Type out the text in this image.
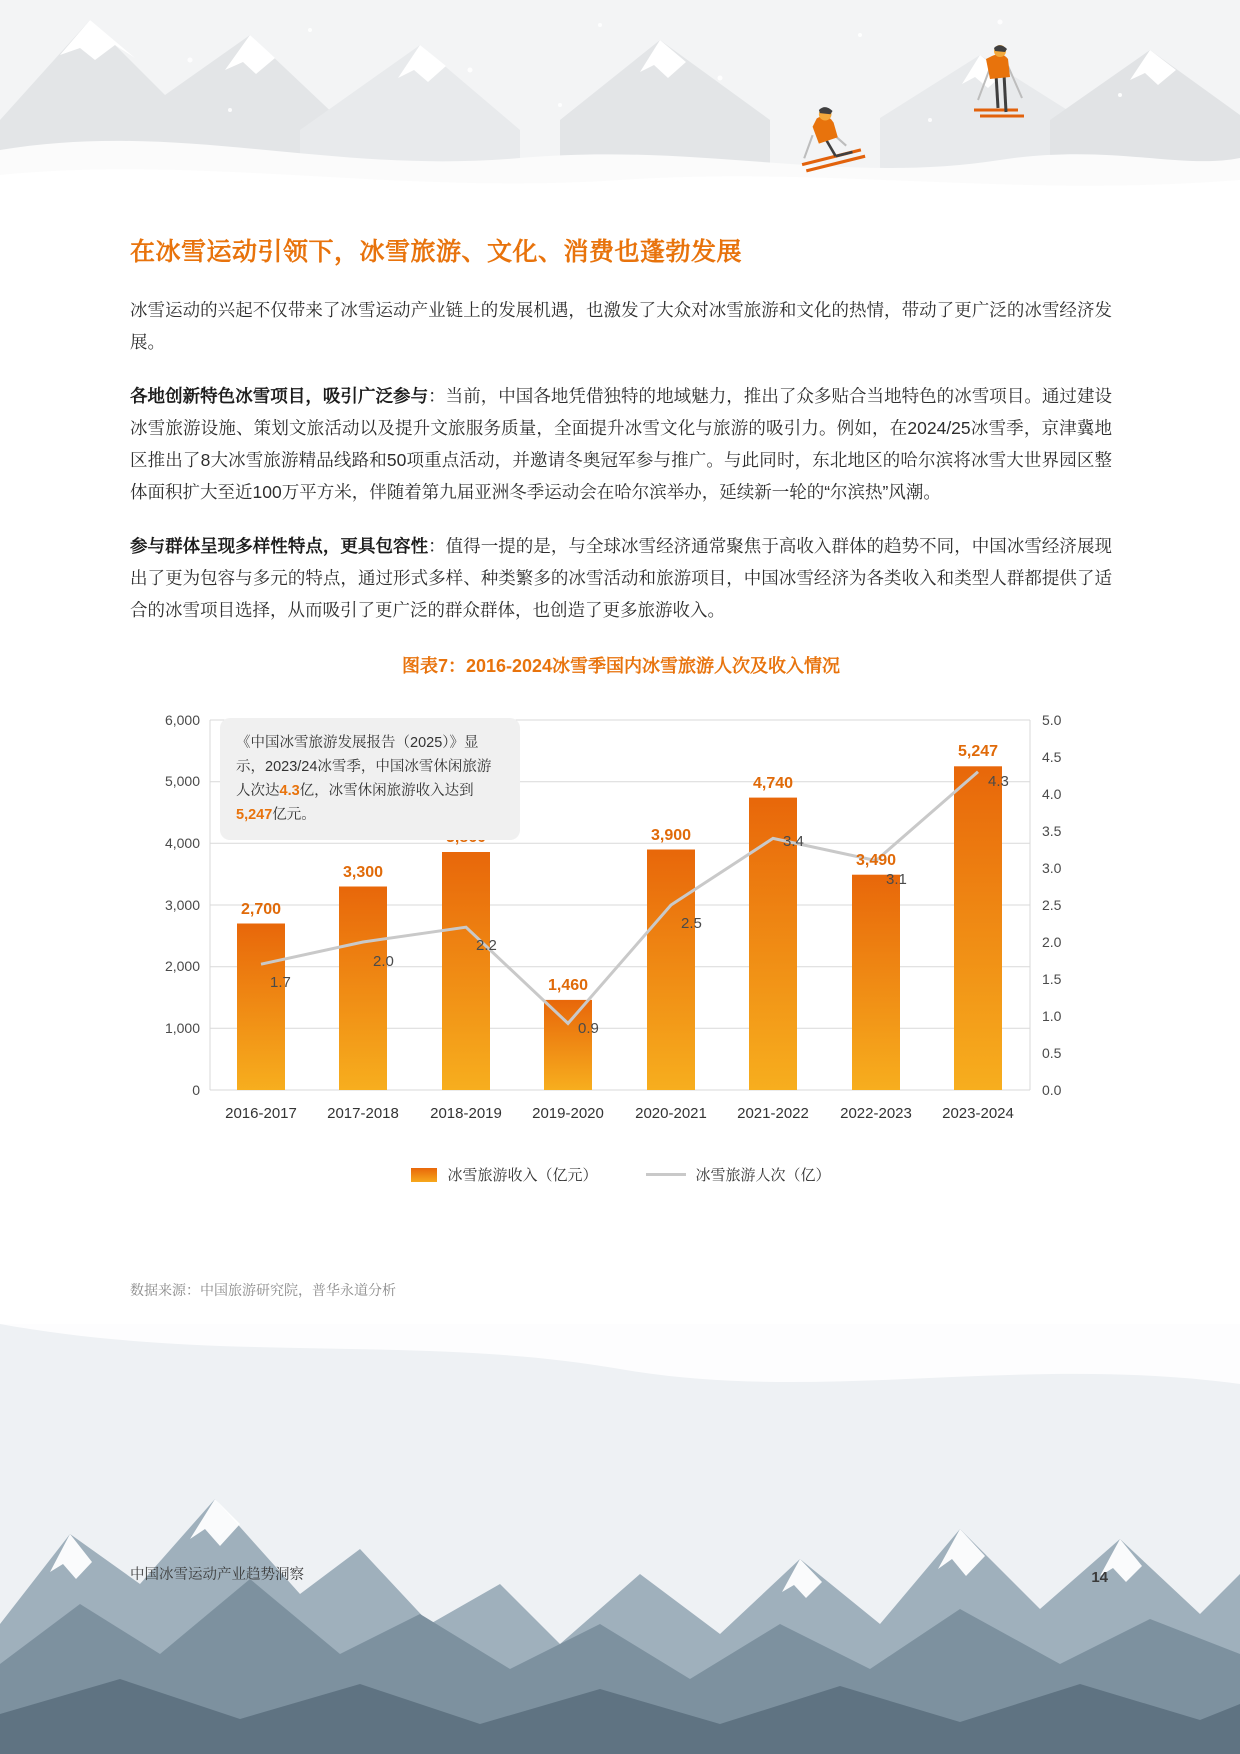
在冰雪运动引领下，冰雪旅游、文化、消费也蓬勃发展

冰雪运动的兴起不仅带来了冰雪运动产业链上的发展机遇，也激发了大众对冰雪旅游和文化的热情，带动了更广泛的冰雪经济发展。

各地创新特色冰雪项目，吸引广泛参与：当前，中国各地凭借独特的地域魅力，推出了众多贴合当地特色的冰雪项目。通过建设冰雪旅游设施、策划文旅活动以及提升文旅服务质量，全面提升冰雪文化与旅游的吸引力。例如，在2024/25冰雪季，京津冀地区推出了8大冰雪旅游精品线路和50项重点活动，并邀请冬奥冠军参与推广。与此同时，东北地区的哈尔滨将冰雪大世界园区整体面积扩大至近100万平方米，伴随着第九届亚洲冬季运动会在哈尔滨举办，延续新一轮的“尔滨热”风潮。

参与群体呈现多样性特点，更具包容性：值得一提的是，与全球冰雪经济通常聚焦于高收入群体的趋势不同，中国冰雪经济展现出了更为包容与多元的特点，通过形式多样、种类繁多的冰雪活动和旅游项目，中国冰雪经济为各类收入和类型人群都提供了适合的冰雪项目选择，从而吸引了更广泛的群众群体，也创造了更多旅游收入。

图表7：2016-2024冰雪季国内冰雪旅游人次及收入情况
0
1,000
2,000
3,000
4,000
5,000
6,000
0.0
0.5
1.0
1.5
2.0
2.5
3.0
3.5
4.0
4.5
5.0
2,700
3,300
1,460
3,900
4,740
3,490
5,247
1.7
2.0
2.2
0.9
2.5
3.4
3.1
4.3
2016-2017 2017-2018 2018-2019 2019-2020 2020-2021 2021-2022 2022-2023 2023-2024
《中国冰雪旅游发展报告（2025）》显示，2023/24冰雪季，中国冰雪休闲旅游人次达4.3亿，冰雪休闲旅游收入达到5,247亿元。
冰雪旅游收入（亿元）	冰雪旅游人次（亿）
数据来源：中国旅游研究院，普华永道分析
中国冰雪运动产业趋势洞察	14
